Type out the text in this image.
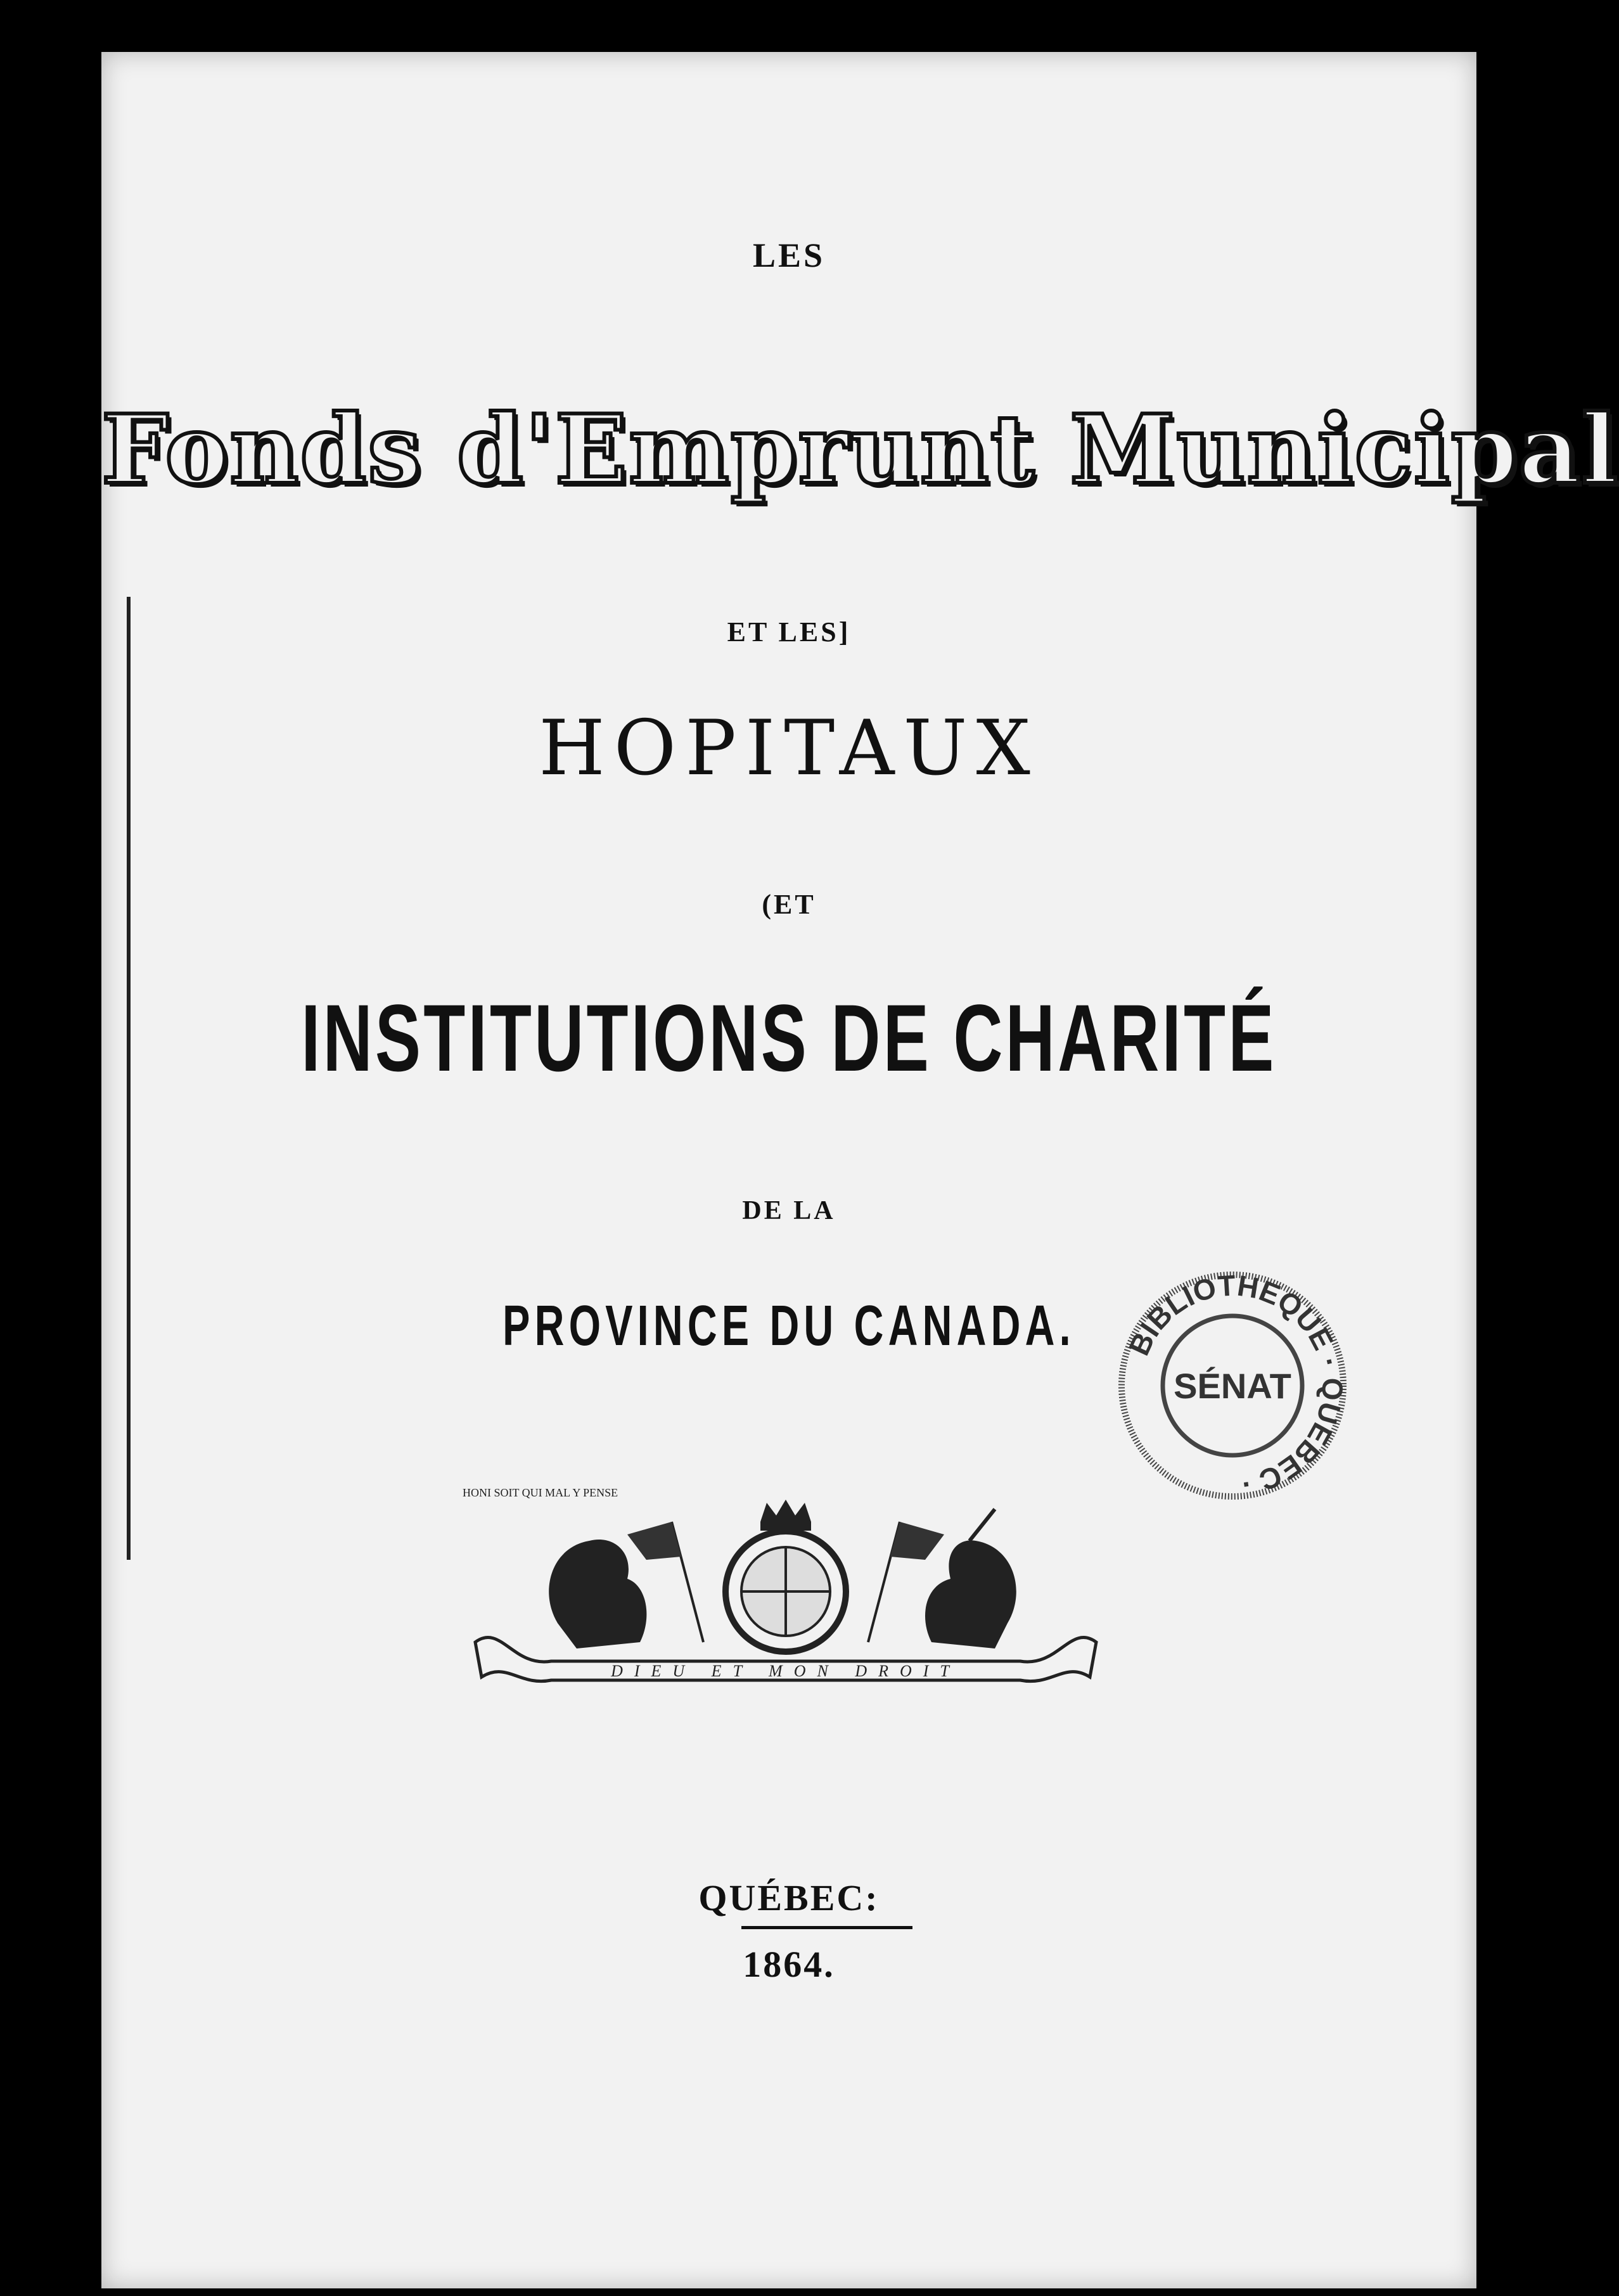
LES
Fonds d'Emprunt Municipal
ET LES]
HOPITAUX
(ET
INSTITUTIONS DE CHARITÉ
DE LA
PROVINCE DU CANADA.
HONI SOIT QUI MAL Y PENSE
DIEU ET MON DROIT
BIBLIOTHEQUE · QUEBEC ·
SÉNAT
QUÉBEC:
1864.
